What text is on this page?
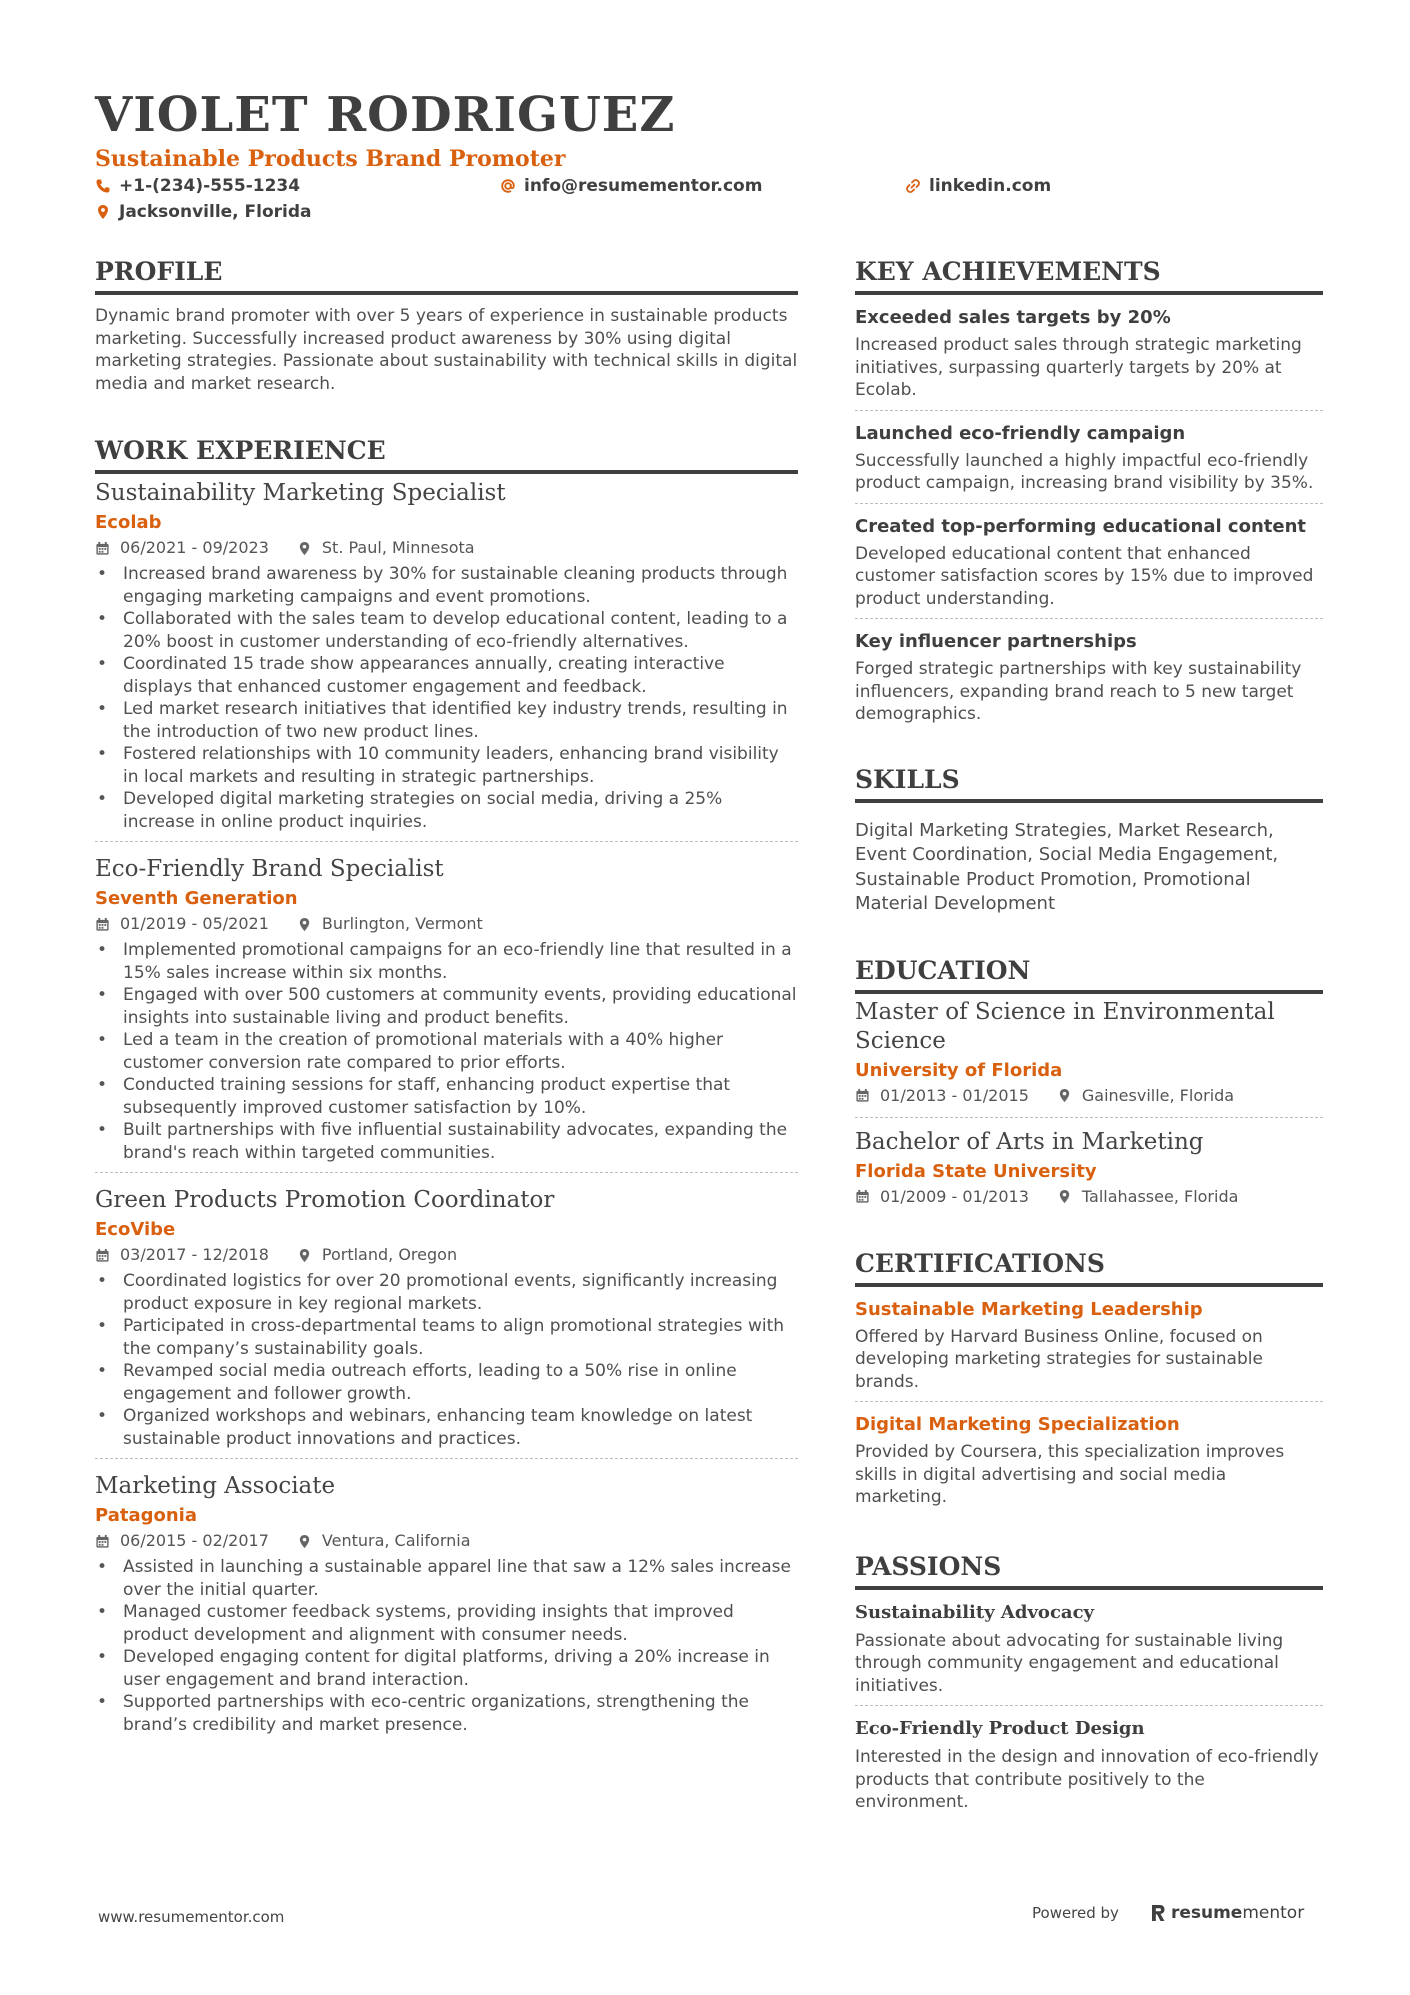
VIOLET RODRIGUEZ
Sustainable Products Brand Promoter
+1-(234)-555-1234	info@resumementor.com	linkedin.com
Jacksonville, Florida
PROFILE
Dynamic brand promoter with over 5 years of experience in sustainable products marketing. Successfully increased product awareness by 30% using digital marketing strategies. Passionate about sustainability with technical skills in digital media and market research.
WORK EXPERIENCE
Sustainability Marketing Specialist
Ecolab
06/2021 - 09/2023	St. Paul, Minnesota
• Increased brand awareness by 30% for sustainable cleaning products through engaging marketing campaigns and event promotions.
• Collaborated with the sales team to develop educational content, leading to a 20% boost in customer understanding of eco-friendly alternatives.
• Coordinated 15 trade show appearances annually, creating interactive displays that enhanced customer engagement and feedback.
• Led market research initiatives that identified key industry trends, resulting in the introduction of two new product lines.
• Fostered relationships with 10 community leaders, enhancing brand visibility in local markets and resulting in strategic partnerships.
• Developed digital marketing strategies on social media, driving a 25% increase in online product inquiries.
Eco-Friendly Brand Specialist
Seventh Generation
01/2019 - 05/2021	Burlington, Vermont
• Implemented promotional campaigns for an eco-friendly line that resulted in a 15% sales increase within six months.
• Engaged with over 500 customers at community events, providing educational insights into sustainable living and product benefits.
• Led a team in the creation of promotional materials with a 40% higher customer conversion rate compared to prior efforts.
• Conducted training sessions for staff, enhancing product expertise that subsequently improved customer satisfaction by 10%.
• Built partnerships with five influential sustainability advocates, expanding the brand's reach within targeted communities.
Green Products Promotion Coordinator
EcoVibe
03/2017 - 12/2018	Portland, Oregon
• Coordinated logistics for over 20 promotional events, significantly increasing product exposure in key regional markets.
• Participated in cross-departmental teams to align promotional strategies with the company’s sustainability goals.
• Revamped social media outreach efforts, leading to a 50% rise in online engagement and follower growth.
• Organized workshops and webinars, enhancing team knowledge on latest sustainable product innovations and practices.
Marketing Associate
Patagonia
06/2015 - 02/2017	Ventura, California
• Assisted in launching a sustainable apparel line that saw a 12% sales increase over the initial quarter.
• Managed customer feedback systems, providing insights that improved product development and alignment with consumer needs.
• Developed engaging content for digital platforms, driving a 20% increase in user engagement and brand interaction.
• Supported partnerships with eco-centric organizations, strengthening the brand’s credibility and market presence.
KEY ACHIEVEMENTS
Exceeded sales targets by 20%
Increased product sales through strategic marketing initiatives, surpassing quarterly targets by 20% at Ecolab.
Launched eco-friendly campaign
Successfully launched a highly impactful eco-friendly product campaign, increasing brand visibility by 35%.
Created top-performing educational content
Developed educational content that enhanced customer satisfaction scores by 15% due to improved product understanding.
Key influencer partnerships
Forged strategic partnerships with key sustainability influencers, expanding brand reach to 5 new target demographics.
SKILLS
Digital Marketing Strategies, Market Research, Event Coordination, Social Media Engagement, Sustainable Product Promotion, Promotional Material Development
EDUCATION
Master of Science in Environmental Science
University of Florida
01/2013 - 01/2015	Gainesville, Florida
Bachelor of Arts in Marketing
Florida State University
01/2009 - 01/2013	Tallahassee, Florida
CERTIFICATIONS
Sustainable Marketing Leadership
Offered by Harvard Business Online, focused on developing marketing strategies for sustainable brands.
Digital Marketing Specialization
Provided by Coursera, this specialization improves skills in digital advertising and social media marketing.
PASSIONS
Sustainability Advocacy
Passionate about advocating for sustainable living through community engagement and educational initiatives.
Eco-Friendly Product Design
Interested in the design and innovation of eco-friendly products that contribute positively to the environment.
www.resumementor.com	Powered by	resume mentor
